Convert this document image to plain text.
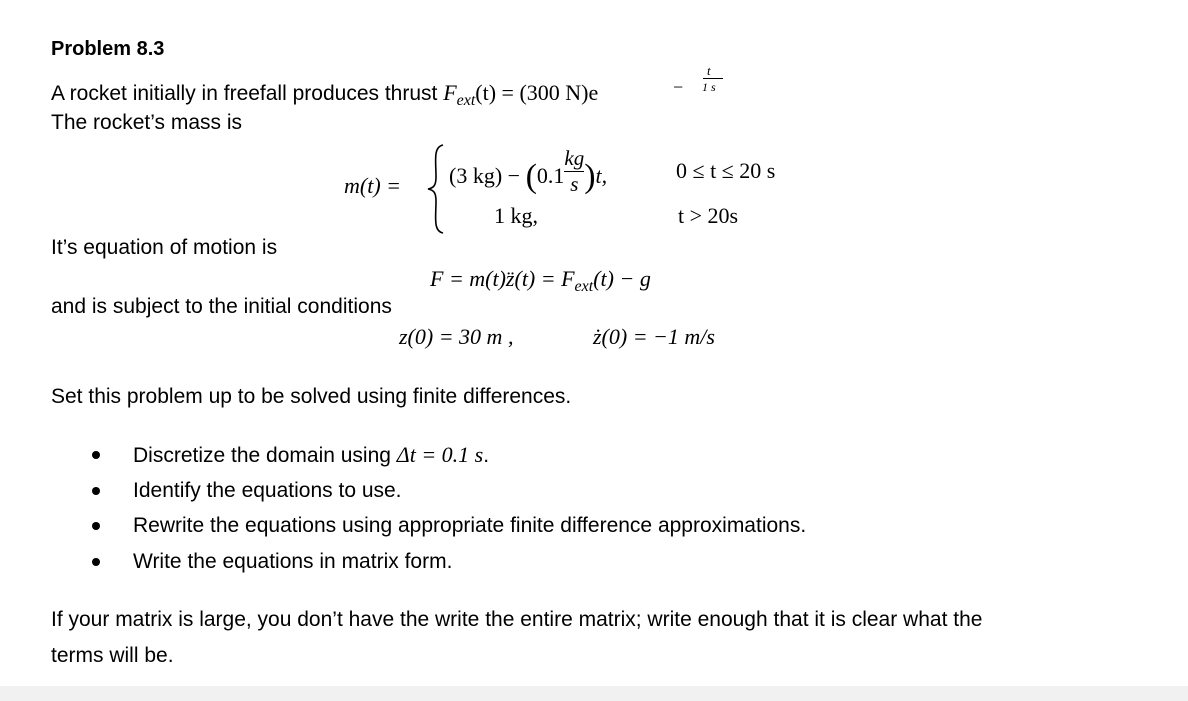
Problem 8.3
A rocket initially in freefall produces thrust $F_{ext}(t) = (300$ N)e	−
t
1 s
The rocket’s mass is
m(t) = (3 $kg) - (0.1 \frac{kg}{s} )t$,	0 ≤ t ≤ 20 s
1 kg,	t > 20s
It’s equation of motion is
F = m(t)z̈(t) = $F_{ext}(t) - g$
and is subject to the initial conditions
z(0) = 30 m ,	ż(0) = −1 m/s
Set this problem up to be solved using finite differences.
Discretize the domain using Δt = 0.1 s.
Identify the equations to use.
Rewrite the equations using appropriate finite difference approximations.
Write the equations in matrix form.
If your matrix is large, you don’t have the write the entire matrix; write enough that it is clear what the
terms will be.
